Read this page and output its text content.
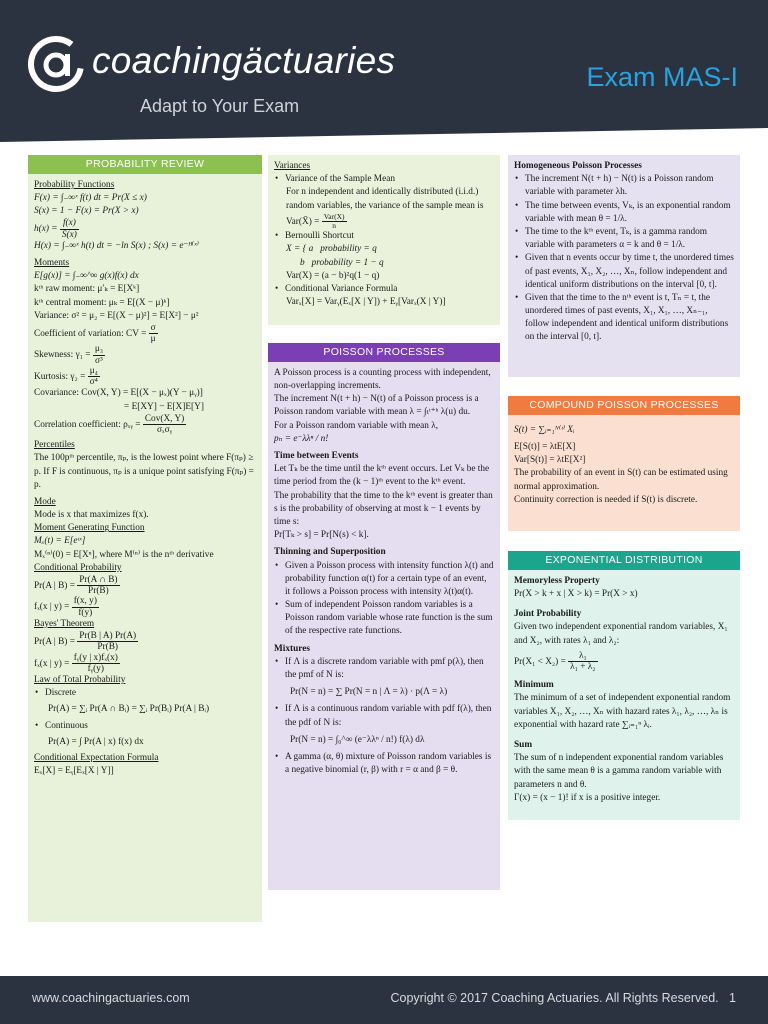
coachingäctuaries
Adapt to Your Exam
Exam MAS-I
PROBABILITY REVIEW
Probability Functions
F(x) = ∫₋∞ˣ f(t) dt = Pr(X ≤ x)
S(x) = 1 − F(x) = Pr(X > x)
$h(x) = \frac{f(x)}{S(x)}$
H(x) = ∫₋∞ˣ h(t) dt = −ln S(x) ; S(x) = e⁻ᴴ⁽ˣ⁾
Moments
E[g(x)] = ∫₋∞^∞ g(x)f(x) dx
kᵗʰ raw moment: μ′ₖ = E[Xᵏ]
kᵗʰ central moment: μₖ = E[(X − μ)ᵏ]
Variance: σ² = μ₂ = E[(X − μ)²] = E[X²] − μ²
Coefficient of variation: CV = $\frac{\sigma}{\mu}$
Skewness: $\gamma_1 = \frac{\text{μ₃}}{\text{σ³}}$
Kurtosis: $\gamma_2 = \frac{\text{μ₄}}{\text{σ⁴}}$
Covariance: Cov(X, Y) = E[(X − μₓ)(Y − μᵧ)]
= E[XY] − E[X]E[Y]
Correlation coefficient: ρₓᵧ = $\frac{\text{Cov(X, Y)}}{\text{σₓσᵧ}}$
Percentiles
The 100pᵗʰ percentile, πₚ, is the lowest point where F(πₚ) ≥ p. If F is continuous, πₚ is a unique point satisfying F(πₚ) = p.
Mode
Mode is x that maximizes f(x).
Moment Generating Function
Mₓ(t) = E[eᵗˣ]
Mₓ⁽ⁿ⁾(0) = E[Xⁿ], where M⁽ⁿ⁾ is the nᵗʰ derivative
Conditional Probability
Pr(A | $B) = \frac{Pr(A \cap B)}{Pr(B)}$
fₓ(x | $y) = \frac{f(x, y)}{f(y)}$
Bayes' Theorem
Pr(A | $B) = \frac{Pr(B | A) Pr(A)}{Pr(B)}$
fₓ(x | $y) = \frac{\text{fᵧ(y | x)fₓ(x)}}{\text{fᵧ(y)}}$
Law of Total Probability
• Discrete
Pr(A) = ∑ᵢ Pr(A ∩ Bᵢ) = ∑ᵢ Pr(Bᵢ) Pr(A | Bᵢ)
• Continuous
Pr(A) = ∫ Pr(A | x) f(x) dx
Conditional Expectation Formula
Eₓ[X] = Eᵧ[Eₓ[X | Y]]
Variances
• Variance of the Sample Mean
For n independent and identically distributed (i.i.d.) random variables, the variance of the sample mean is Var(X̄) = $\frac{\text{Var(X)}}{n}$
• Bernoulli Shortcut
X = { a   probability = q
b   probability = 1 − q
Var(X) = (a − b)²q(1 − q)
• Conditional Variance Formula
Varₓ[X] = Varᵧ(Eₓ[X | Y]) + Eᵧ[Varₓ(X | Y)]
POISSON PROCESSES
A Poisson process is a counting process with independent, non-overlapping increments.
The increment N(t + h) − N(t) of a Poisson process is a Poisson random variable with mean λ = ∫ₜᵗ⁺ʰ λ(u) du.
For a Poisson random variable with mean λ,
pₙ = e⁻λλⁿ / n!
Time between Events
Let Tₖ be the time until the kᵗʰ event occurs. Let Vₖ be the time period from the (k − 1)ᵗʰ event to the kᵗʰ event.
The probability that the time to the kᵗʰ event is greater than s is the probability of observing at most k − 1 events by time s:
Pr[Tₖ > s] = Pr[N(s) < k].
Thinning and Superposition
• Given a Poisson process with intensity function λ(t) and probability function α(t) for a certain type of an event, it follows a Poisson process with intensity λ(t)α(t).
• Sum of independent Poisson random variables is a Poisson random variable whose rate function is the sum of the respective rate functions.
Mixtures
• If Λ is a discrete random variable with pmf p(λ), then the pmf of N is:
Pr(N = n) = ∑ Pr(N = n | Λ = λ) · p(Λ = λ)
• If Λ is a continuous random variable with pdf f(λ), then the pdf of N is:
Pr(N = n) = ∫₀^∞ (e⁻λλⁿ / n!) f(λ) dλ
• A gamma (α, θ) mixture of Poisson random variables is a negative binomial (r, β) with r = α and β = θ.
Homogeneous Poisson Processes
• The increment N(t + h) − N(t) is a Poisson random variable with parameter λh.
• The time between events, Vₖ, is an exponential random variable with mean θ = 1/λ.
• The time to the kᵗʰ event, Tₖ, is a gamma random variable with parameters α = k and θ = 1/λ.
• Given that n events occur by time t, the unordered times of past events, X₁, X₂, …, Xₙ, follow independent and identical uniform distributions on the interval [0, t].
• Given that the time to the nᵗʰ event is t, Tₙ = t, the unordered times of past events, X₁, X₁, …, Xₙ₋₁, follow independent and identical uniform distributions on the interval [0, t].
COMPOUND POISSON PROCESSES
S(t) = ∑ᵢ₌₁ᴺ⁽ᵗ⁾ Xᵢ
E[S(t)] = λtE[X]
Var[S(t)] = λtE[X²]
The probability of an event in S(t) can be estimated using normal approximation.
Continuity correction is needed if S(t) is discrete.
EXPONENTIAL DISTRIBUTION
Memoryless Property
Pr(X > k + x | X > k) = Pr(X > x)
Joint Probability
Given two independent exponential random variables, X₁ and X₂, with rates λ₁ and λ₂:
$Pr(X_1 < X_2) = \frac{\text{λ₁}}{\text{λ₁ + λ₂}}$
Minimum
The minimum of a set of independent exponential random variables X₁, X₂, …, Xₙ with hazard rates λ₁, λ₂, …, λₙ is exponential with hazard rate ∑ᵢ₌₁ⁿ λᵢ.
Sum
The sum of n independent exponential random variables with the same mean θ is a gamma random variable with parameters n and θ.
Γ(x) = (x − 1)! if x is a positive integer.
www.coachingactuaries.com	Copyright © 2017 Coaching Actuaries. All Rights Reserved. 1
